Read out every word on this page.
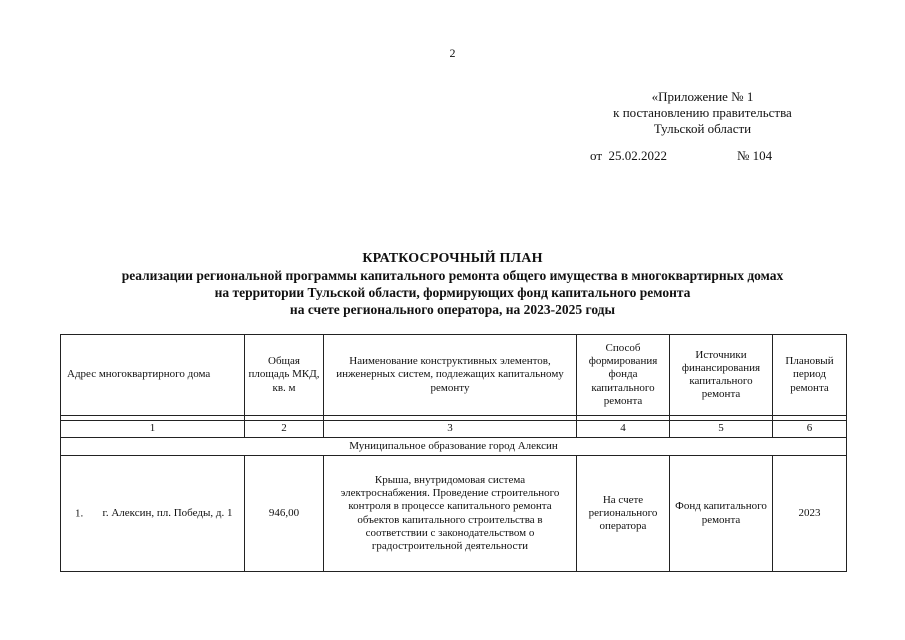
2
«Приложение № 1
к постановлению правительства
Тульской области
от 25.02.2022	№ 104
КРАТКОСРОЧНЫЙ ПЛАН
реализации региональной программы капитального ремонта общего имущества в многоквартирных домах
на территории Тульской области, формирующих фонд капитального ремонта
на счете регионального оператора, на 2023-2025 годы
Адрес многоквартирного дома	Общая площадь МКД, кв. м	Наименование конструктивных элементов, инженерных систем, подлежащих капитальному ремонту	Способ формирования фонда капитального ремонта	Источники финансирования капитального ремонта	Плановый период ремонта

1	2	3	4	5	6
Муниципальное образование город Алексин					

1. г. Алексин, пл. Победы, д. 1	946,00	Крыша, внутридомовая система электроснабжения. Проведение строительного контроля в процессе капитального ремонта объектов капитального строительства в соответствии с законодательством о градостроительной деятельности	На счете регионального оператора	Фонд капитального ремонта	2023
